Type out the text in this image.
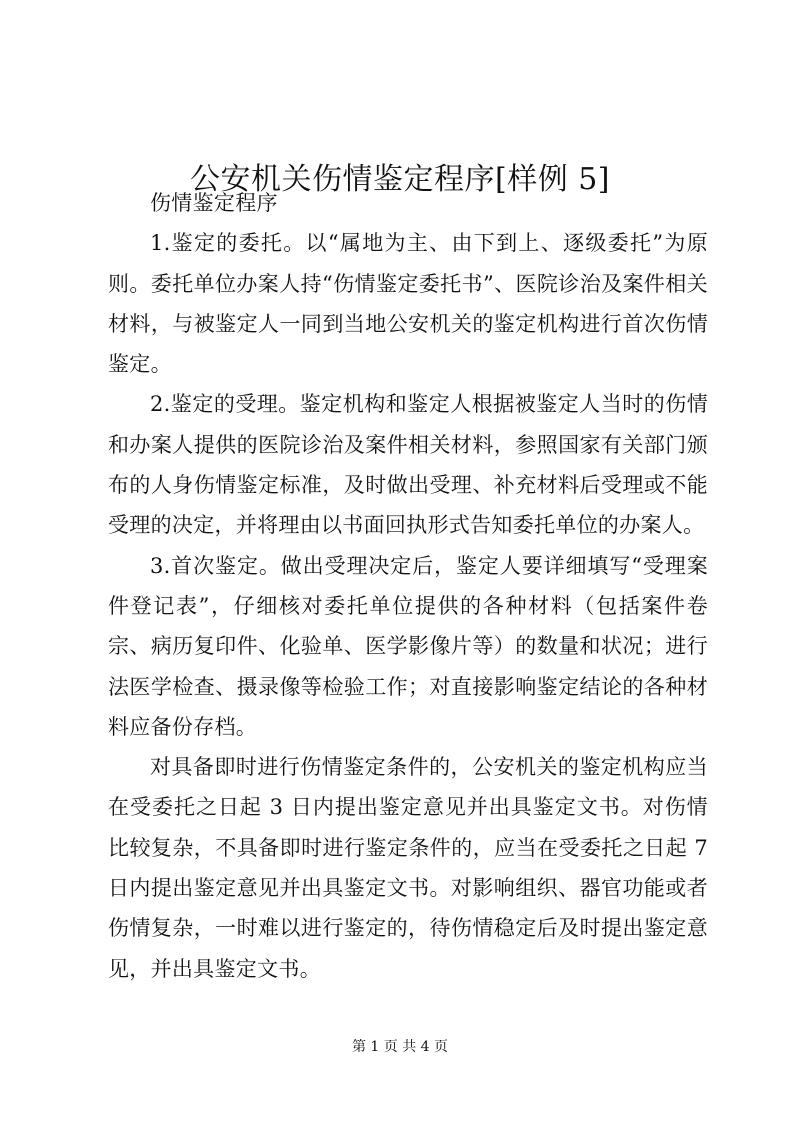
公安机关伤情鉴定程序[样例 5]

伤情鉴定程序

1.鉴定的委托。以“属地为主、由下到上、逐级委托”为原则。委托单位办案人持“伤情鉴定委托书”、医院诊治及案件相关材料，与被鉴定人一同到当地公安机关的鉴定机构进行首次伤情鉴定。

2.鉴定的受理。鉴定机构和鉴定人根据被鉴定人当时的伤情和办案人提供的医院诊治及案件相关材料，参照国家有关部门颁布的人身伤情鉴定标准，及时做出受理、补充材料后受理或不能受理的决定，并将理由以书面回执形式告知委托单位的办案人。

3.首次鉴定。做出受理决定后，鉴定人要详细填写“受理案件登记表”，仔细核对委托单位提供的各种材料（包括案件卷宗、病历复印件、化验单、医学影像片等）的数量和状况；进行法医学检查、摄录像等检验工作；对直接影响鉴定结论的各种材料应备份存档。

对具备即时进行伤情鉴定条件的，公安机关的鉴定机构应当在受委托之日起 3 日内提出鉴定意见并出具鉴定文书。对伤情比较复杂，不具备即时进行鉴定条件的，应当在受委托之日起 7 日内提出鉴定意见并出具鉴定文书。对影响组织、器官功能或者伤情复杂，一时难以进行鉴定的，待伤情稳定后及时提出鉴定意见，并出具鉴定文书。

第 1 页 共 4 页
